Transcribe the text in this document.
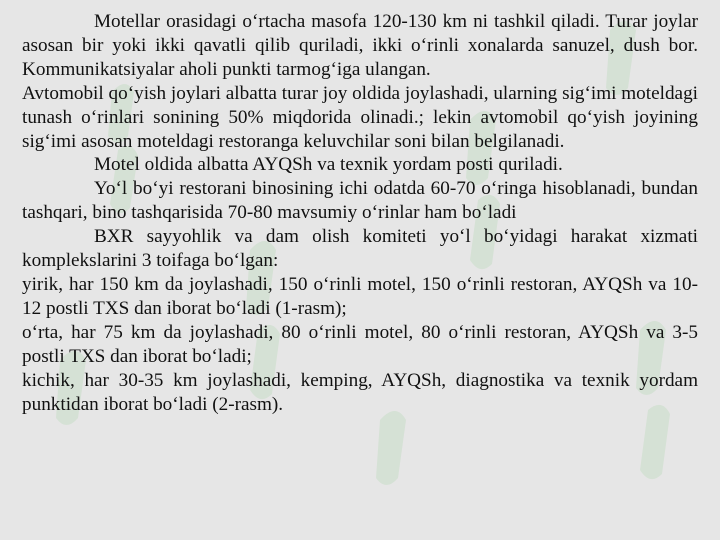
Motellar orasidagi o‘rtacha masofa 120-130 km ni tashkil qiladi. Turar joylar asosan bir yoki ikki qavatli qilib quriladi, ikki o‘rinli xonalarda sanuzel, dush bor. Kommunikatsiyalar aholi punkti tarmog‘iga ulangan.

Avtomobil qo‘yish joylari albatta turar joy oldida joylashadi, ularning sig‘imi moteldagi tunash o‘rinlari sonining 50% miqdorida olinadi.; lekin avtomobil qo‘yish joyining sig‘imi asosan moteldagi restoranga keluvchilar soni bilan belgilanadi.

Motel oldida albatta AYQSh va texnik yordam posti quriladi.

Yo‘l bo‘yi restorani binosining ichi odatda 60-70 o‘ringa hisoblanadi, bundan tashqari, bino tashqarisida 70-80 mavsumiy o‘rinlar ham bo‘ladi

BXR sayyohlik va dam olish komiteti yo‘l bo‘yidagi harakat xizmati komplekslarini 3 toifaga bo‘lgan:

yirik, har 150 km da joylashadi, 150 o‘rinli motel, 150 o‘rinli restoran, AYQSh va 10-12 postli TXS dan iborat bo‘ladi (1-rasm);

o‘rta, har 75 km da joylashadi, 80 o‘rinli motel, 80 o‘rinli restoran, AYQSh va 3-5 postli TXS dan iborat bo‘ladi;

kichik, har 30-35 km joylashadi, kemping, AYQSh, diagnostika va texnik yordam punktidan iborat bo‘ladi (2-rasm).
